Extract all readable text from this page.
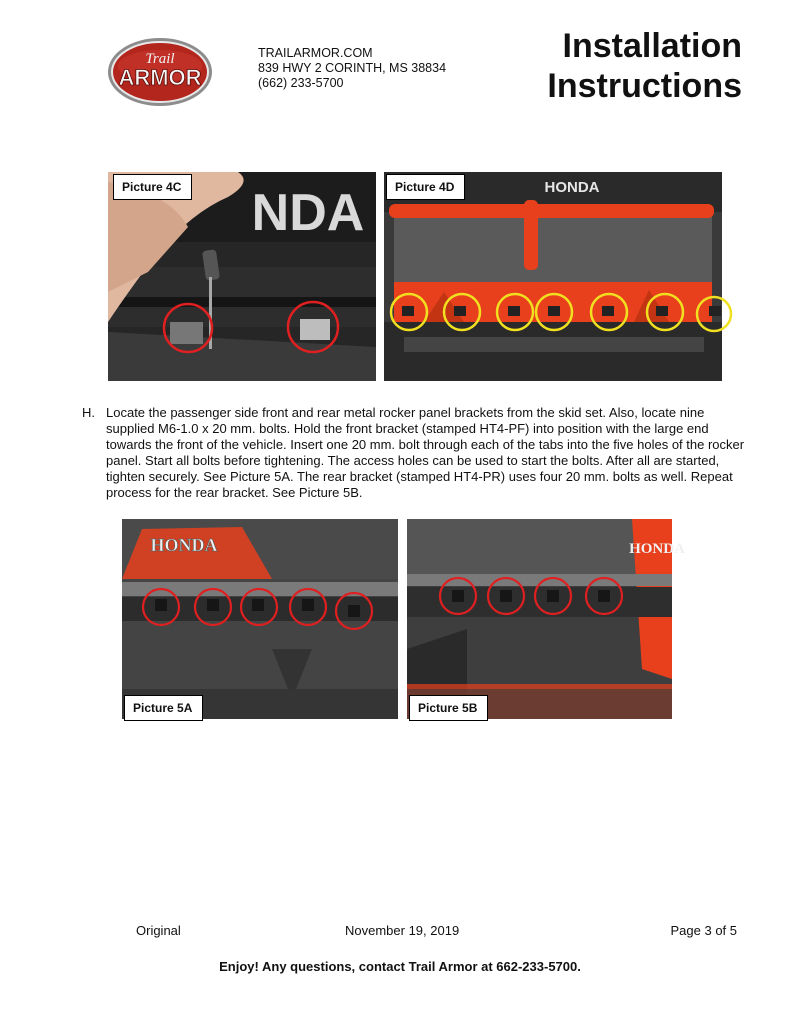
Trail
ARMOR
TRAILARMOR.COM
839 HWY 2 CORINTH, MS 38834
(662) 233-5700
Installation
Instructions
NDA
Picture 4C	HONDA
Picture 4D
H. Locate the passenger side front and rear metal rocker panel brackets from the skid set. Also, locate nine supplied M6-1.0 x 20 mm. bolts. Hold the front bracket (stamped HT4-PF) into position with the large end towards the front of the vehicle. Insert one 20 mm. bolt through each of the tabs into the five holes of the rocker panel. Start all bolts before tightening. The access holes can be used to start the bolts. After all are started, tighten securely. See Picture 5A. The rear bracket (stamped HT4-PR) uses four 20 mm. bolts as well. Repeat process for the rear bracket. See Picture 5B.
HONDA
Picture 5A
HONDA
Picture 5B
Original	November 19, 2019	Page 3 of 5
Enjoy! Any questions, contact Trail Armor at 662-233-5700.
